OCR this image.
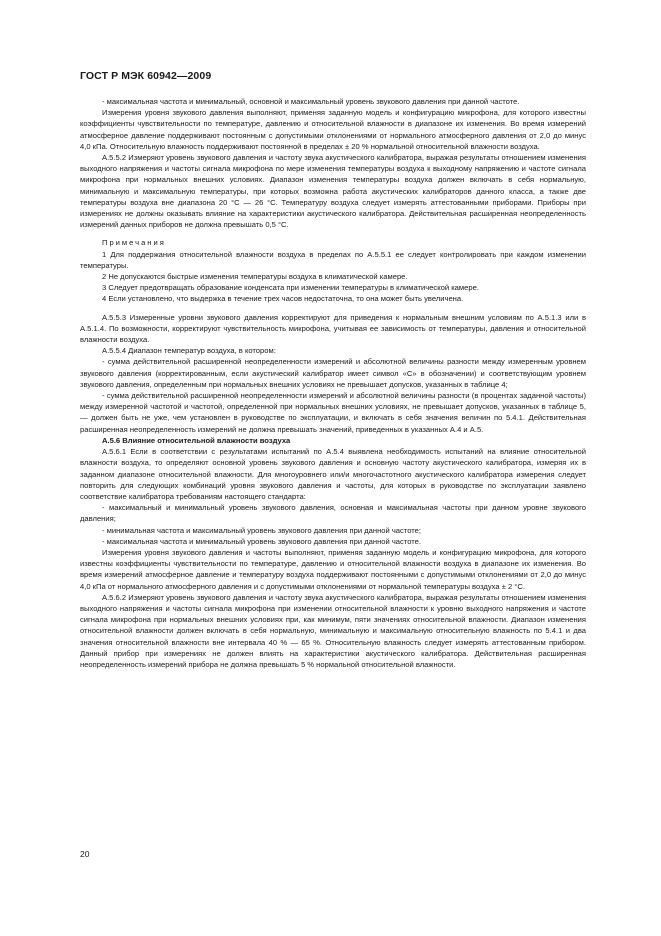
ГОСТ Р МЭК 60942—2009

- максимальная частота и минимальный, основной и максимальный уровень звукового давления при данной частоте.

Измерения уровня звукового давления выполняют, применяя заданную модель и конфигурацию микрофона, для которого известны коэффициенты чувствительности по температуре, давлению и относительной влажности в диапазоне их изменения. Во время измерений атмосферное давление поддерживают постоянным с допустимыми отклонениями от нормального атмосферного давления от 2,0 до минус 4,0 кПа. Относительную влажность поддерживают постоянной в пределах ± 20 % нормальной относительной влажности воздуха.

А.5.5.2 Измеряют уровень звукового давления и частоту звука акустического калибратора, выражая результаты отношением изменения выходного напряжения и частоты сигнала микрофона по мере изменения температуры воздуха к выходному напряжению и частоте сигнала микрофона при нормальных внешних условиях. Диапазон изменения температуры воздуха должен включать в себя нормальную, минимальную и максимальную температуры, при которых возможна работа акустических калибраторов данного класса, а также две температуры воздуха вне диапазона 20 °С — 26 °С. Температуру воздуха следует измерять аттестованными приборами. Приборы при измерениях не должны оказывать влияние на характеристики акустического калибратора. Действительная расширенная неопределенность измерений данных приборов не должна превышать 0,5 °С.

Примечания

1 Для поддержания относительной влажности воздуха в пределах по А.5.5.1 ее следует контролировать при каждом изменении температуры.

2 Не допускаются быстрые изменения температуры воздуха в климатической камере.

3 Следует предотвращать образование конденсата при изменении температуры в климатической камере.

4 Если установлено, что выдержка в течение трех часов недостаточна, то она может быть увеличена.

А.5.5.3 Измеренные уровни звукового давления корректируют для приведения к нормальным внешним условиям по А.5.1.3 или в А.5.1.4. По возможности, корректируют чувствительность микрофона, учитывая ее зависимость от температуры, давления и относительной влажности воздуха.

А.5.5.4 Диапазон температур воздуха, в котором:

- сумма действительной расширенной неопределенности измерений и абсолютной величины разности между измеренным уровнем звукового давления (корректированным, если акустический калибратор имеет символ «С» в обозначении) и соответствующим уровнем звукового давления, определенным при нормальных внешних условиях не превышает допусков, указанных в таблице 4;

- сумма действительной расширенной неопределенности измерений и абсолютной величины разности (в процентах заданной частоты) между измеренной частотой и частотой, определенной при нормальных внешних условиях, не превышает допусков, указанных в таблице 5, — должен быть не уже, чем установлен в руководстве по эксплуатации, и включать в себя значения величин по 5.4.1. Действительная расширенная неопределенность измерений не должна превышать значений, приведенных в указанных А.4 и А.5.

А.5.6 Влияние относительной влажности воздуха

А.5.6.1 Если в соответствии с результатами испытаний по А.5.4 выявлена необходимость испытаний на влияние относительной влажности воздуха, то определяют основной уровень звукового давления и основную частоту акустического калибратора, измеряя их в заданном диапазоне относительной влажности. Для многоуровнего или/и многочастотного акустического калибратора измерения следует повторить для следующих комбинаций уровня звукового давления и частоты, для которых в руководстве по эксплуатации заявлено соответствие калибратора требованиям настоящего стандарта:

- максимальный и минимальный уровень звукового давления, основная и максимальная частоты при данном уровне звукового давления;

- минимальная частота и максимальный уровень звукового давления при данной частоте;

- максимальная частота и минимальный уровень звукового давления при данной частоте.

Измерения уровня звукового давления и частоты выполняют, применяя заданную модель и конфигурацию микрофона, для которого известны коэффициенты чувствительности по температуре, давлению и относительной влажности воздуха в диапазоне их изменения. Во время измерений атмосферное давление и температуру воздуха поддерживают постоянными с допустимыми отклонениями от 2,0 до минус 4,0 кПа от нормального атмосферного давления и с допустимыми отклонениями от нормальной температуры воздуха ± 2 °С.

А.5.6.2 Измеряют уровень звукового давления и частоту звука акустического калибратора, выражая результаты отношением изменения выходного напряжения и частоты сигнала микрофона при изменении относительной влажности к уровню выходного напряжения и частоте сигнала микрофона при нормальных внешних условиях при, как минимум, пяти значениях относительной влажности. Диапазон изменения относительной влажности должен включать в себя нормальную, минимальную и максимальную относительную влажность по 5.4.1 и два значения относительной влажности вне интервала 40 % — 65 %. Относительную влажность следует измерять аттестованным прибором. Данный прибор при измерениях не должен влиять на характеристики акустического калибратора. Действительная расширенная неопределенность измерений прибора не должна превышать 5 % нормальной относительной влажности.

20
